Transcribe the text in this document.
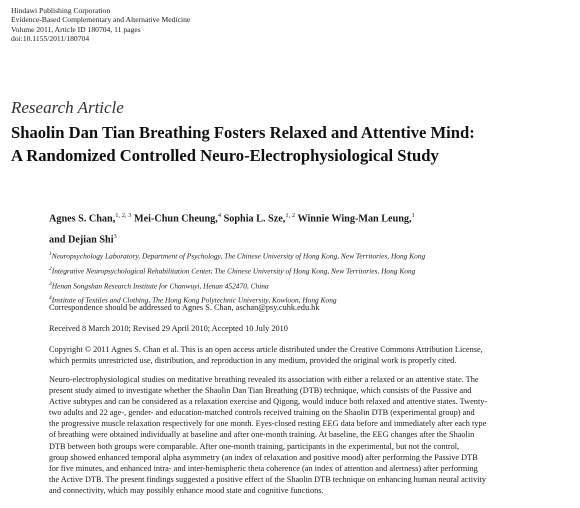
Hindawi Publishing Corporation
Evidence-Based Complementary and Alternative Medicine
Volume 2011, Article ID 180704, 11 pages
doi:10.1155/2011/180704
Research Article
Shaolin Dan Tian Breathing Fosters Relaxed and Attentive Mind:
A Randomized Controlled Neuro-Electrophysiological Study
Agnes S. Chan,$^{1, 2, 3}$ Mei-Chun Cheung,$^4$ Sophia L. Sze,$^{1, 2}$ Winnie Wing-Man Leung,$^1$
and Dejian Shi$^3$
$^1$Neuropsychology Laboratory, Department of Psychology, The Chinese University of Hong Kong, New Territories, Hong Kong
$^2$Integrative Neuropsychological Rehabilitation Center, The Chinese University of Hong Kong, New Territories, Hong Kong
$^3$Henan Songshan Research Institute for Chanwuyi, Henan 452470, China
$^4$Institute of Textiles and Clothing, The Hong Kong Polytechnic University, Kowloon, Hong Kong
Correspondence should be addressed to Agnes S. Chan, aschan@psy.cuhk.edu.hk
Received 8 March 2010; Revised 29 April 2010; Accepted 10 July 2010
Copyright © 2011 Agnes S. Chan et al. This is an open access article distributed under the Creative Commons Attribution License,
which permits unrestricted use, distribution, and reproduction in any medium, provided the original work is properly cited.
Neuro-electrophysiological studies on meditative breathing revealed its association with either a relaxed or an attentive state. The
present study aimed to investigate whether the Shaolin Dan Tian Breathing (DTB) technique, which consists of the Passive and
Active subtypes and can be considered as a relaxation exercise and Qigong, would induce both relaxed and attentive states. Twenty-
two adults and 22 age-, gender- and education-matched controls received training on the Shaolin DTB (experimental group) and
the progressive muscle relaxation respectively for one month. Eyes-closed resting EEG data before and immediately after each type
of breathing were obtained individually at baseline and after one-month training. At baseline, the EEG changes after the Shaolin
DTB between both groups were comparable. After one-month training, participants in the experimental, but not the control,
group showed enhanced temporal alpha asymmetry (an index of relaxation and positive mood) after performing the Passive DTB
for five minutes, and enhanced intra- and inter-hemispheric theta coherence (an index of attention and alertness) after performing
the Active DTB. The present findings suggested a positive effect of the Shaolin DTB technique on enhancing human neural activity
and connectivity, which may possibly enhance mood state and cognitive functions.
